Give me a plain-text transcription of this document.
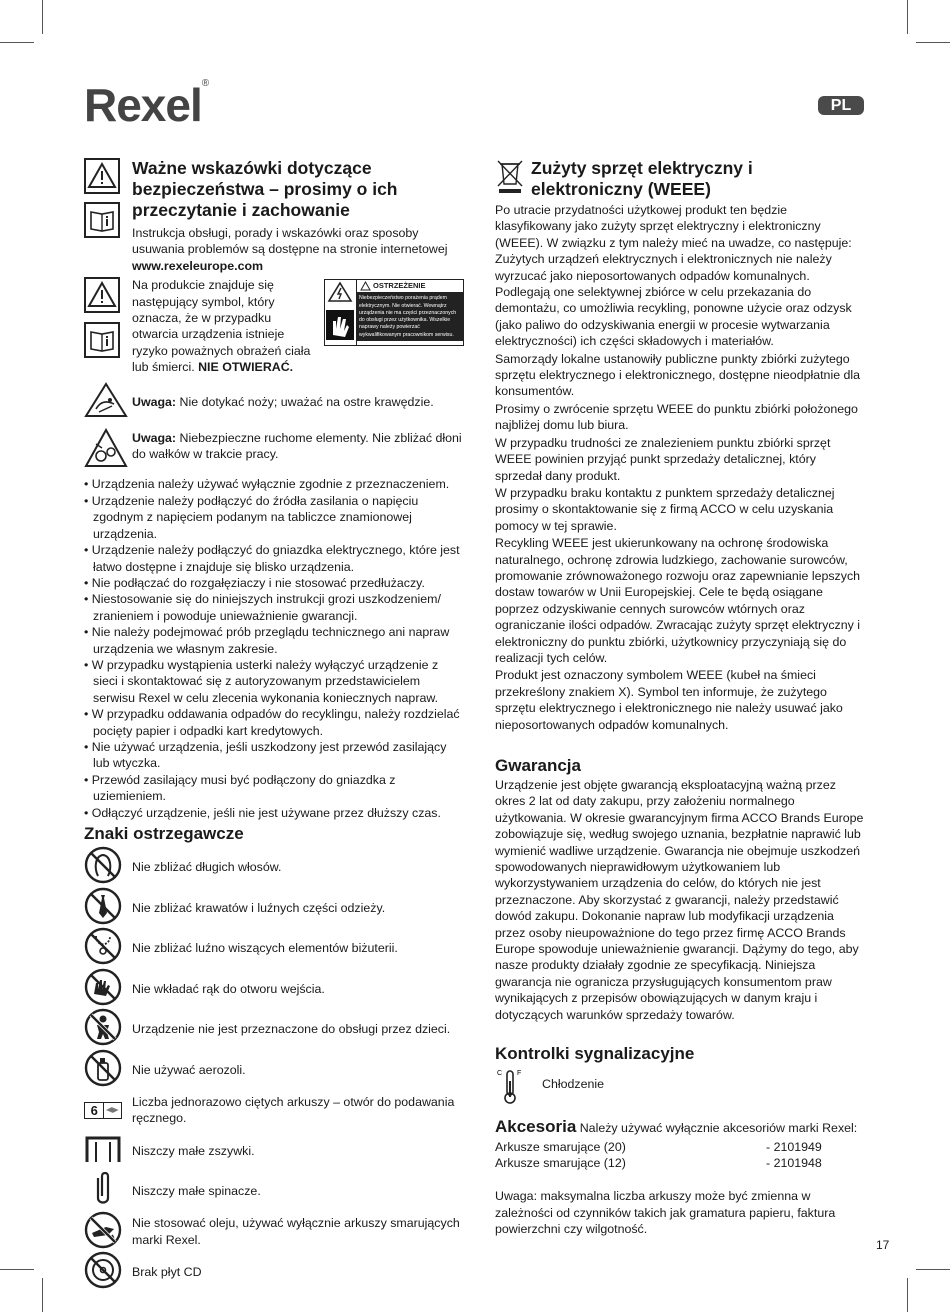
Rexel®
PL

Ważne wskazówki dotyczące bezpieczeństwa – prosimy o ich przeczytanie i zachowanie

Instrukcja obsługi, porady i wskazówki oraz sposoby usuwania problemów są dostępne na stronie internetowej

www.rexeleurope.com

Na produkcie znajduje się następujący symbol, który oznacza, że w przypadku otwarcia urządzenia istnieje ryzyko poważnych obrażeń ciała lub śmierci. NIE OTWIERAĆ.

OSTRZEŻENIE
Niebezpieczeństwo porażenia prądem elektrycznym. Nie otwierać. Wewnątrz urządzenia nie ma części przeznaczonych do obsługi przez użytkownika. Wszelkie naprawy należy powierzać wykwalifikowanym pracownikom serwisu.

Uwaga: Nie dotykać noży; uważać na ostre krawędzie.

Uwaga: Niebezpieczne ruchome elementy. Nie zbliżać dłoni do wałków w trakcie pracy.

• Urządzenia należy używać wyłącznie zgodnie z przeznaczeniem.
• Urządzenie należy podłączyć do źródła zasilania o napięciu zgodnym z napięciem podanym na tabliczce znamionowej urządzenia.
• Urządzenie należy podłączyć do gniazdka elektrycznego, które jest łatwo dostępne i znajduje się blisko urządzenia.
• Nie podłączać do rozgałęziaczy i nie stosować przedłużaczy.
• Niestosowanie się do niniejszych instrukcji grozi uszkodzeniem/ zranieniem i powoduje unieważnienie gwarancji.
• Nie należy podejmować prób przeglądu technicznego ani napraw urządzenia we własnym zakresie.
• W przypadku wystąpienia usterki należy wyłączyć urządzenie z sieci i skontaktować się z autoryzowanym przedstawicielem serwisu Rexel w celu zlecenia wykonania koniecznych napraw.
• W przypadku oddawania odpadów do recyklingu, należy rozdzielać pocięty papier i odpadki kart kredytowych.
• Nie używać urządzenia, jeśli uszkodzony jest przewód zasilający lub wtyczka.
• Przewód zasilający musi być podłączony do gniazdka z uziemieniem.
• Odłączyć urządzenie, jeśli nie jest używane przez dłuższy czas.
Znaki ostrzegawcze
Nie zbliżać długich włosów.
Nie zbliżać krawatów i luźnych części odzieży.
Nie zbliżać luźno wiszących elementów biżuterii.
Nie wkładać rąk do otworu wejścia.
Urządzenie nie jest przeznaczone do obsługi przez dzieci.
Nie używać aerozoli.
6
Liczba jednorazowo ciętych arkuszy – otwór do podawania ręcznego.
Niszczy małe zszywki.
Niszczy małe spinacze.
Nie stosować oleju, używać wyłącznie arkuszy smarujących marki Rexel.
Brak płyt CD
Zużyty sprzęt elektryczny i elektroniczny (WEEE)

Po utracie przydatności użytkowej produkt ten będzie klasyfikowany jako zużyty sprzęt elektryczny i elektroniczny (WEEE). W związku z tym należy mieć na uwadze, co następuje: Zużytych urządzeń elektrycznych i elektronicznych nie należy wyrzucać jako nieposortowanych odpadów komunalnych. Podlegają one selektywnej zbiórce w celu przekazania do demontażu, co umożliwia recykling, ponowne użycie oraz odzysk (jako paliwo do odzyskiwania energii w procesie wytwarzania elektryczności) ich części składowych i materiałów.

Samorządy lokalne ustanowiły publiczne punkty zbiórki zużytego sprzętu elektrycznego i elektronicznego, dostępne nieodpłatnie dla konsumentów.

Prosimy o zwrócenie sprzętu WEEE do punktu zbiórki położonego najbliżej domu lub biura.

W przypadku trudności ze znalezieniem punktu zbiórki sprzęt WEEE powinien przyjąć punkt sprzedaży detalicznej, który sprzedał dany produkt.

W przypadku braku kontaktu z punktem sprzedaży detalicznej prosimy o skontaktowanie się z firmą ACCO w celu uzyskania pomocy w tej sprawie.

Recykling WEEE jest ukierunkowany na ochronę środowiska naturalnego, ochronę zdrowia ludzkiego, zachowanie surowców, promowanie zrównoważonego rozwoju oraz zapewnianie lepszych dostaw towarów w Unii Europejskiej. Cele te będą osiągane poprzez odzyskiwanie cennych surowców wtórnych oraz ograniczanie ilości odpadów. Zwracając zużyty sprzęt elektryczny i elektroniczny do punktu zbiórki, użytkownicy przyczyniają się do realizacji tych celów.

Produkt jest oznaczony symbolem WEEE (kubeł na śmieci przekreślony znakiem X). Symbol ten informuje, że zużytego sprzętu elektrycznego i elektronicznego nie należy usuwać jako nieposortowanych odpadów komunalnych.

Gwarancja

Urządzenie jest objęte gwarancją eksploatacyjną ważną przez okres 2 lat od daty zakupu, przy założeniu normalnego użytkowania. W okresie gwarancyjnym firma ACCO Brands Europe zobowiązuje się, według swojego uznania, bezpłatnie naprawić lub wymienić wadliwe urządzenie. Gwarancja nie obejmuje uszkodzeń spowodowanych nieprawidłowym użytkowaniem lub wykorzystywaniem urządzenia do celów, do których nie jest przeznaczone. Aby skorzystać z gwarancji, należy przedstawić dowód zakupu. Dokonanie napraw lub modyfikacji urządzenia przez osoby nieupoważnione do tego przez firmę ACCO Brands Europe spowoduje unieważnienie gwarancji. Dążymy do tego, aby nasze produkty działały zgodnie ze specyfikacją. Niniejsza gwarancja nie ogranicza przysługujących konsumentom praw wynikających z przepisów obowiązujących w danym kraju i dotyczących warunków sprzedaży towarów.

Kontrolki sygnalizacyjne
C F
Chłodzenie
Akcesoria Należy używać wyłącznie akcesoriów marki Rexel:
Arkusze smarujące (20)	- 2101949
Arkusze smarujące (12)	- 2101948

Uwaga: maksymalna liczba arkuszy może być zmienna w zależności od czynników takich jak gramatura papieru, faktura powierzchni czy wilgotność.

17
